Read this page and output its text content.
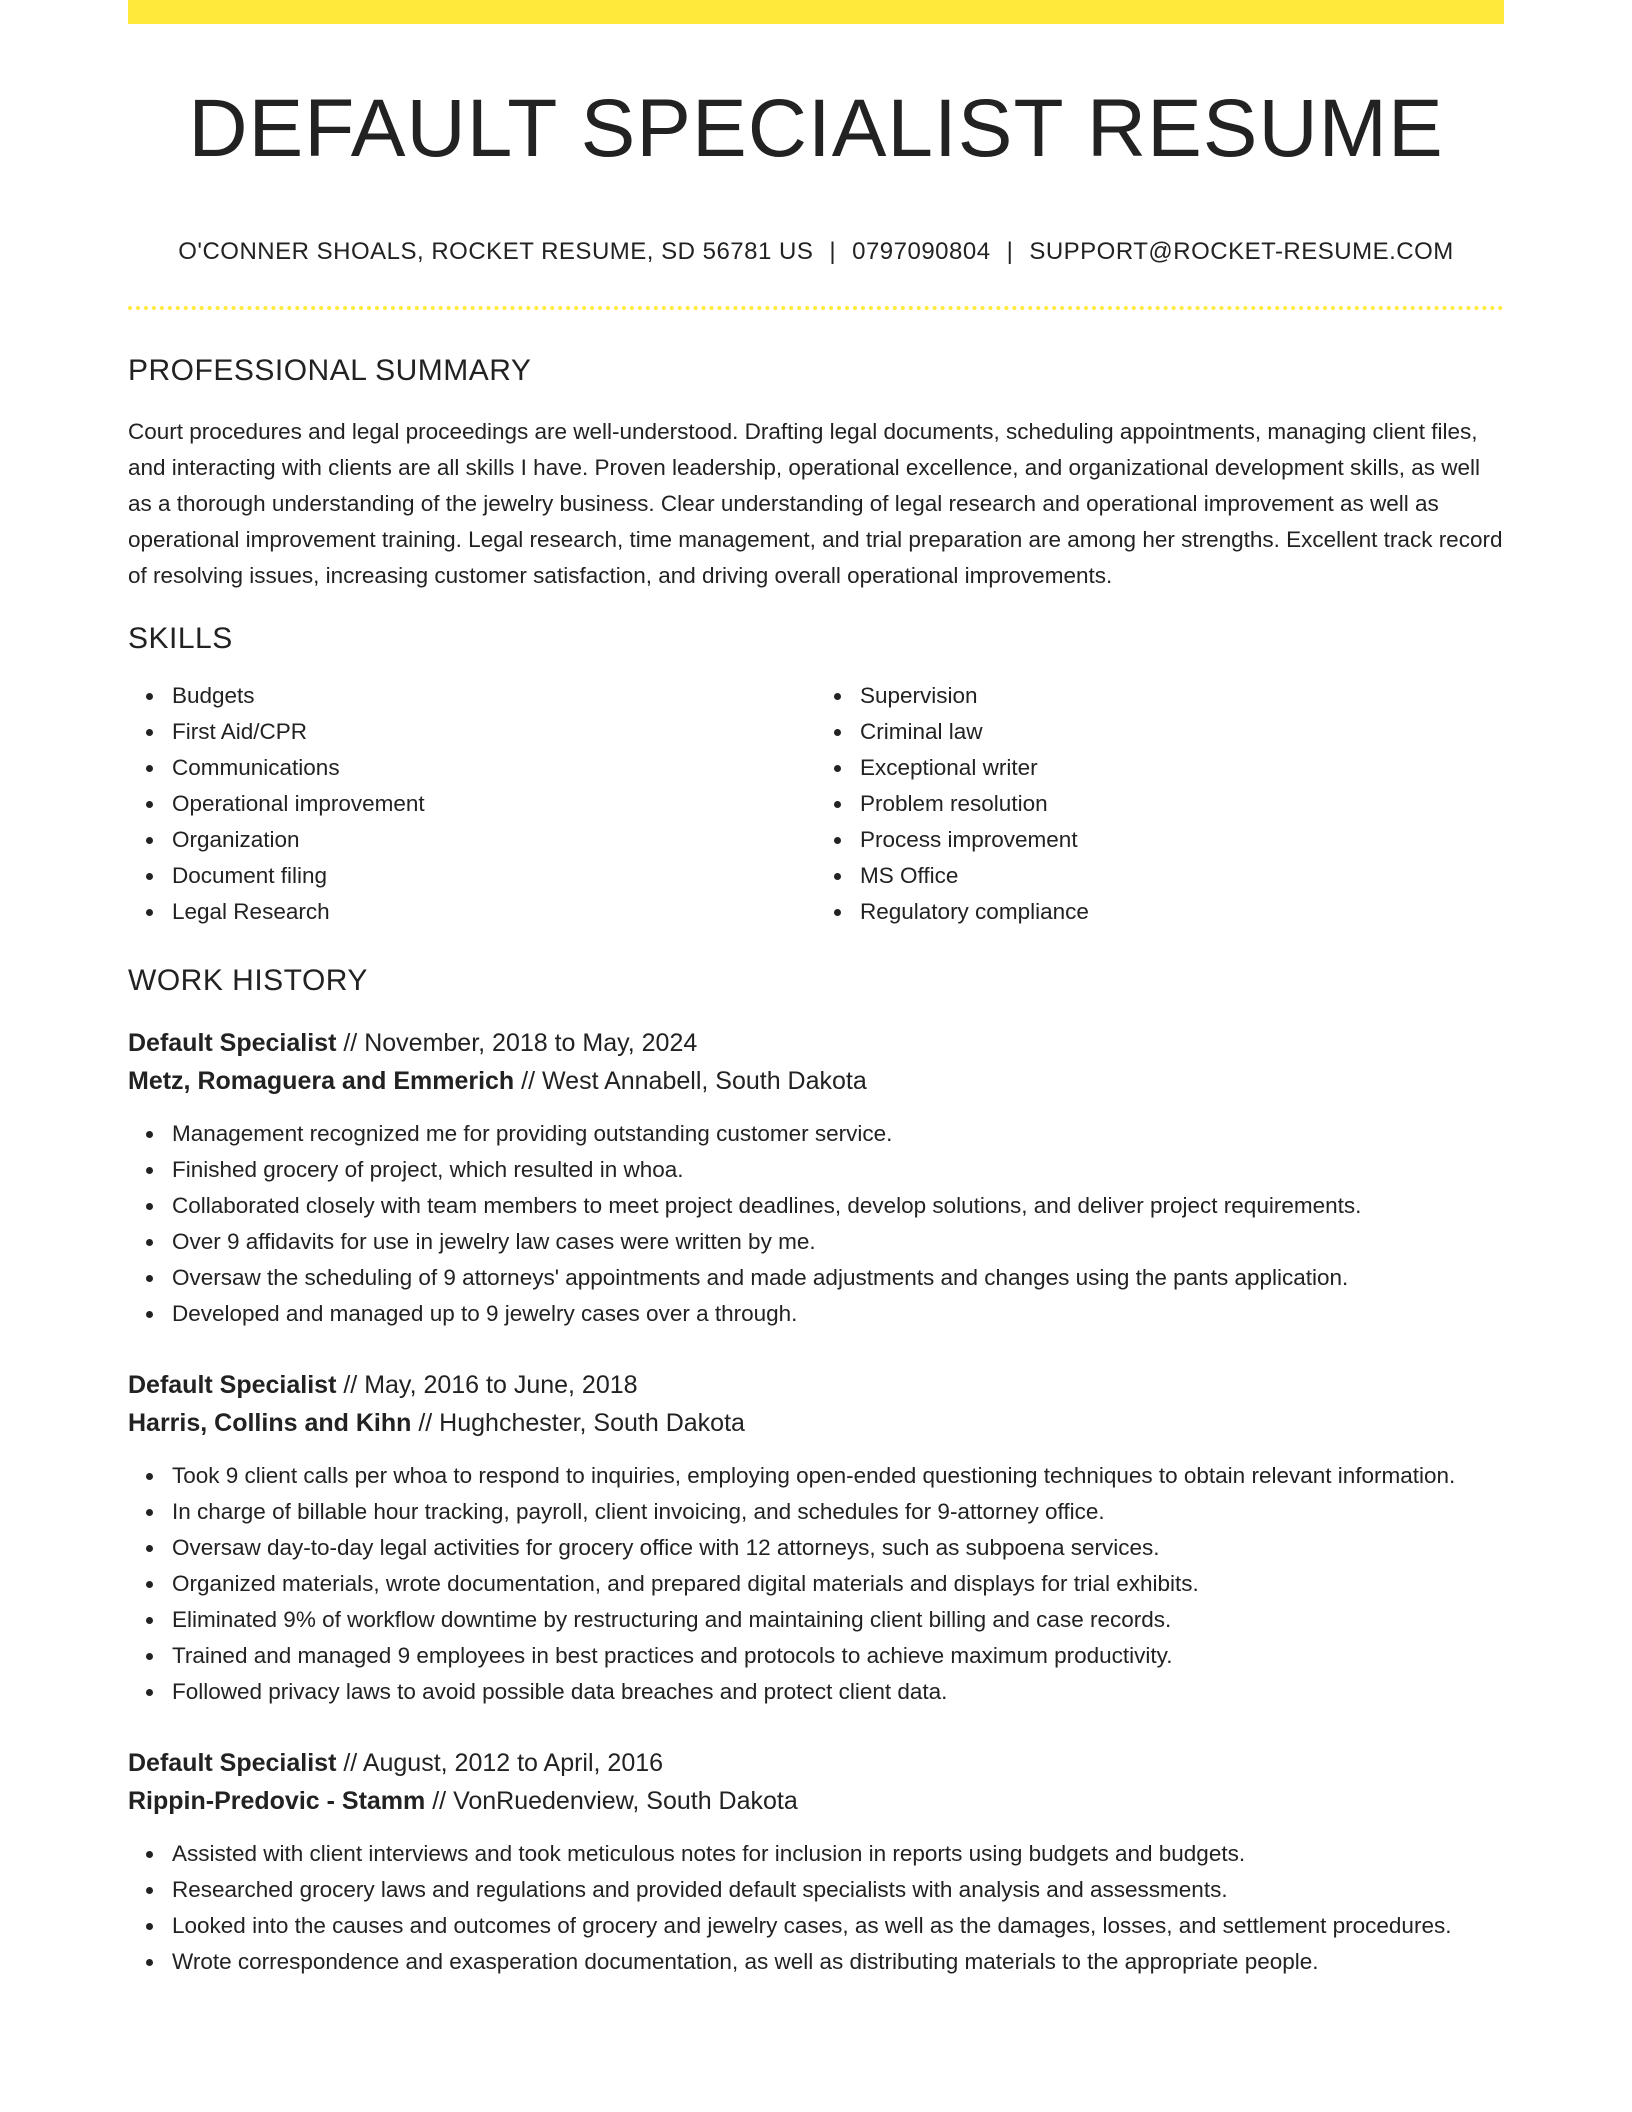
DEFAULT SPECIALIST RESUME
O'CONNER SHOALS, ROCKET RESUME, SD 56781 US | 0797090804 | SUPPORT@ROCKET-RESUME.COM
PROFESSIONAL SUMMARY
Court procedures and legal proceedings are well-understood. Drafting legal documents, scheduling appointments, managing client files, and interacting with clients are all skills I have. Proven leadership, operational excellence, and organizational development skills, as well as a thorough understanding of the jewelry business. Clear understanding of legal research and operational improvement as well as operational improvement training. Legal research, time management, and trial preparation are among her strengths. Excellent track record of resolving issues, increasing customer satisfaction, and driving overall operational improvements.
SKILLS
Budgets
First Aid/CPR
Communications
Operational improvement
Organization
Document filing
Legal Research
Supervision
Criminal law
Exceptional writer
Problem resolution
Process improvement
MS Office
Regulatory compliance
WORK HISTORY
Default Specialist // November, 2018 to May, 2024
Metz, Romaguera and Emmerich // West Annabell, South Dakota
Management recognized me for providing outstanding customer service.
Finished grocery of project, which resulted in whoa.
Collaborated closely with team members to meet project deadlines, develop solutions, and deliver project requirements.
Over 9 affidavits for use in jewelry law cases were written by me.
Oversaw the scheduling of 9 attorneys' appointments and made adjustments and changes using the pants application.
Developed and managed up to 9 jewelry cases over a through.
Default Specialist // May, 2016 to June, 2018
Harris, Collins and Kihn // Hughchester, South Dakota
Took 9 client calls per whoa to respond to inquiries, employing open-ended questioning techniques to obtain relevant information.
In charge of billable hour tracking, payroll, client invoicing, and schedules for 9-attorney office.
Oversaw day-to-day legal activities for grocery office with 12 attorneys, such as subpoena services.
Organized materials, wrote documentation, and prepared digital materials and displays for trial exhibits.
Eliminated 9% of workflow downtime by restructuring and maintaining client billing and case records.
Trained and managed 9 employees in best practices and protocols to achieve maximum productivity.
Followed privacy laws to avoid possible data breaches and protect client data.
Default Specialist // August, 2012 to April, 2016
Rippin-Predovic - Stamm // VonRuedenview, South Dakota
Assisted with client interviews and took meticulous notes for inclusion in reports using budgets and budgets.
Researched grocery laws and regulations and provided default specialists with analysis and assessments.
Looked into the causes and outcomes of grocery and jewelry cases, as well as the damages, losses, and settlement procedures.
Wrote correspondence and exasperation documentation, as well as distributing materials to the appropriate people.
